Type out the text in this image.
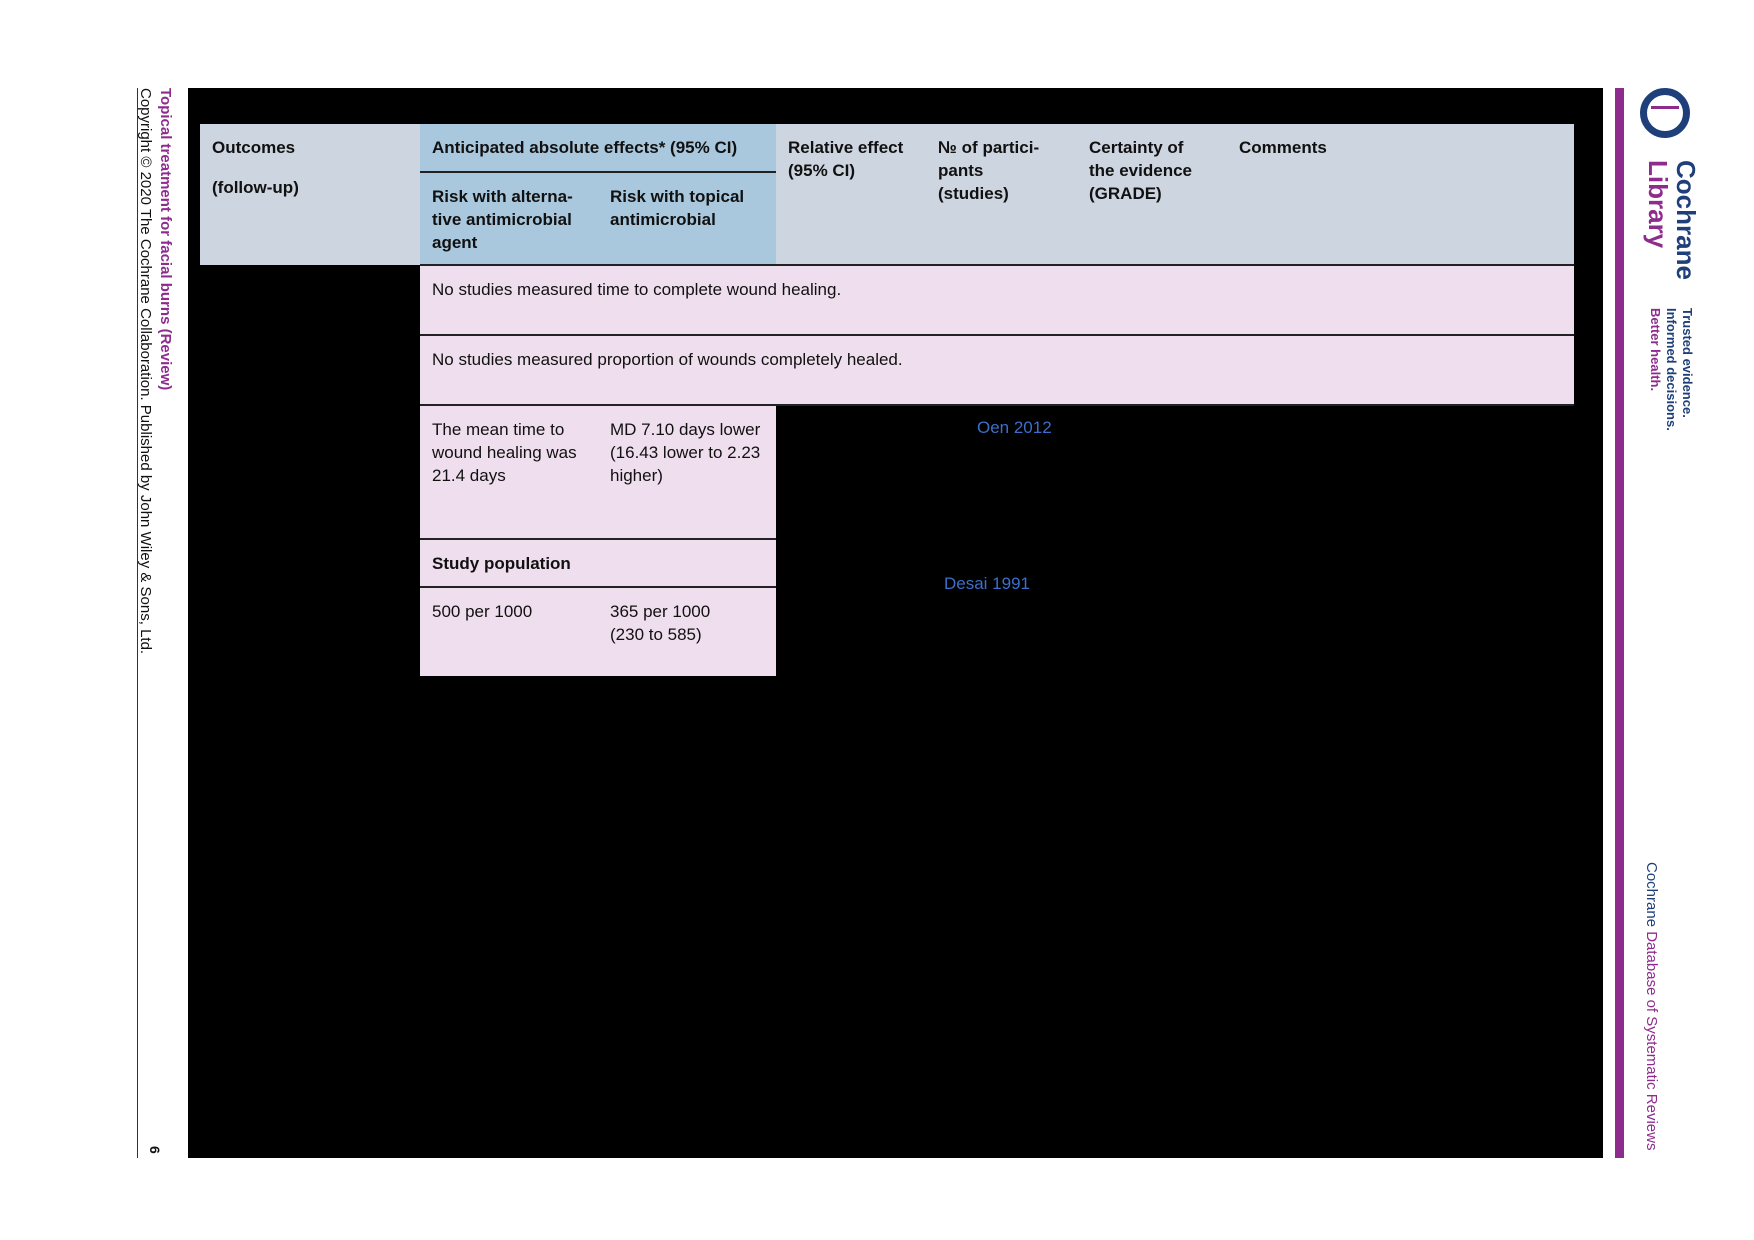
Topical treatment for facial burns (Review)
Copyright © 2020 The Cochrane Collaboration. Published by John Wiley & Sons, Ltd.
6
Outcomes
(follow-up)
Anticipated absolute effects* (95% CI)
Risk with alterna-
tive antimicrobial
agent
Risk with topical
antimicrobial
Relative effect
(95% CI)
№ of partici-
pants
(studies)
Certainty of
the evidence
(GRADE)
Comments
No studies measured time to complete wound healing.
No studies measured proportion of wounds completely healed.
The mean time to
wound healing was
21.4 days
MD 7.10 days lower
(16.43 lower to 2.23
higher)
Study population
500 per 1000	365 per 1000
(230 to 585)
Oen 2012
Desai 1991
Cochrane
Library
Trusted evidence.
Informed decisions.
Better health.
Cochrane Database of Systematic Reviews
